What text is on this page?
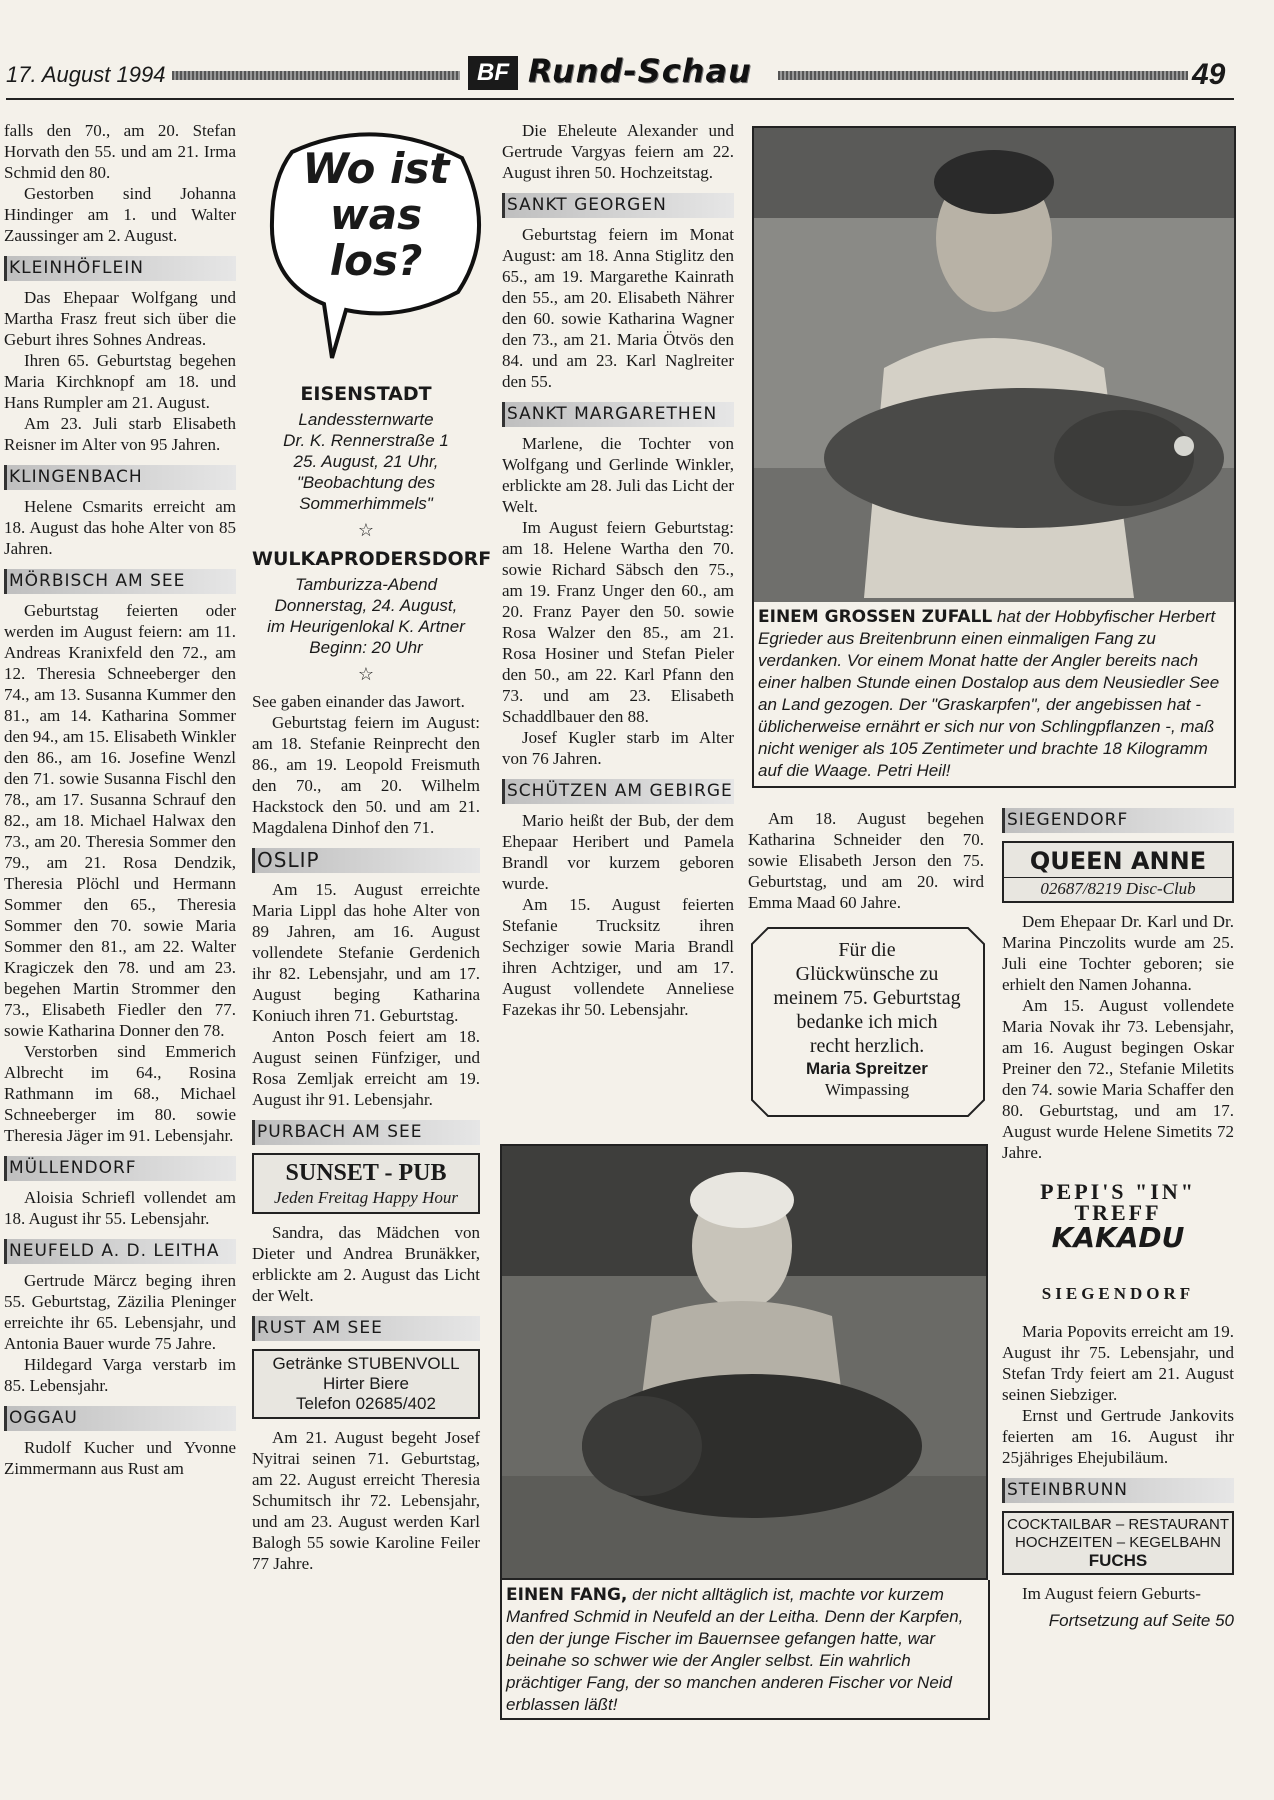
17. August 1994	BF Rund-Schau	49

falls den 70., am 20. Stefan Horvath den 55. und am 21. Irma Schmid den 80.

Gestorben sind Johanna Hindinger am 1. und Walter Zaussinger am 2. August.

KLEINHÖFLEIN

Das Ehepaar Wolfgang und Martha Frasz freut sich über die Geburt ihres Sohnes Andreas.

Ihren 65. Geburtstag begehen Maria Kirchknopf am 18. und Hans Rumpler am 21. August.

Am 23. Juli starb Elisabeth Reisner im Alter von 95 Jahren.

KLINGENBACH

Helene Csmarits erreicht am 18. August das hohe Alter von 85 Jahren.

MÖRBISCH AM SEE

Geburtstag feierten oder werden im August feiern: am 11. Andreas Kranixfeld den 72., am 12. Theresia Schneeberger den 74., am 13. Susanna Kummer den 81., am 14. Katharina Sommer den 94., am 15. Elisabeth Winkler den 86., am 16. Josefine Wenzl den 71. sowie Susanna Fischl den 78., am 17. Susanna Schrauf den 82., am 18. Michael Halwax den 73., am 20. Theresia Sommer den 79., am 21. Rosa Dendzik, Theresia Plöchl und Hermann Sommer den 65., Theresia Sommer den 70. sowie Maria Sommer den 81., am 22. Walter Kragiczek den 78. und am 23. begehen Martin Strommer den 73., Elisabeth Fiedler den 77. sowie Katharina Donner den 78.

Verstorben sind Emmerich Albrecht im 64., Rosina Rathmann im 68., Michael Schneeberger im 80. sowie Theresia Jäger im 91. Lebensjahr.

MÜLLENDORF

Aloisia Schriefl vollendet am 18. August ihr 55. Lebensjahr.

NEUFELD A. D. LEITHA

Gertrude Märcz beging ihren 55. Geburtstag, Zäzilia Pleninger erreichte ihr 65. Lebensjahr, und Antonia Bauer wurde 75 Jahre.

Hildegard Varga verstarb im 85. Lebensjahr.

OGGAU

Rudolf Kucher und Yvonne Zimmermann aus Rust am

Wo ist was los?
EISENSTADT
Landessternwarte
Dr. K. Rennerstraße 1
25. August, 21 Uhr,
"Beobachtung des
Sommerhimmels"
☆
WULKAPRODERSDORF
Tamburizza-Abend
Donnerstag, 24. August,
im Heurigenlokal K. Artner
Beginn: 20 Uhr
☆

See gaben einander das Jawort.

Geburtstag feiern im August: am 18. Stefanie Reinprecht den 86., am 19. Leopold Freismuth den 70., am 20. Wilhelm Hackstock den 50. und am 21. Magdalena Dinhof den 71.

OSLIP

Am 15. August erreichte Maria Lippl das hohe Alter von 89 Jahren, am 16. August vollendete Stefanie Gerdenich ihr 82. Lebensjahr, und am 17. August beging Katharina Koniuch ihren 71. Geburtstag.

Anton Posch feiert am 18. August seinen Fünfziger, und Rosa Zemljak erreicht am 19. August ihr 91. Lebensjahr.

PURBACH AM SEE
SUNSET - PUB
Jeden Freitag Happy Hour

Sandra, das Mädchen von Dieter und Andrea Brunäkker, erblickte am 2. August das Licht der Welt.

RUST AM SEE
Getränke STUBENVOLL
Hirter Biere
Telefon 02685/402

Am 21. August begeht Josef Nyitrai seinen 71. Geburtstag, am 22. August erreicht Theresia Schumitsch ihr 72. Lebensjahr, und am 23. August werden Karl Balogh 55 sowie Karoline Feiler 77 Jahre.

Die Eheleute Alexander und Gertrude Vargyas feiern am 22. August ihren 50. Hochzeitstag.

SANKT GEORGEN

Geburtstag feiern im Monat August: am 18. Anna Stiglitz den 65., am 19. Margarethe Kainrath den 55., am 20. Elisabeth Nährer den 60. sowie Katharina Wagner den 73., am 21. Maria Ötvös den 84. und am 23. Karl Naglreiter den 55.

SANKT MARGARETHEN

Marlene, die Tochter von Wolfgang und Gerlinde Winkler, erblickte am 28. Juli das Licht der Welt.

Im August feiern Geburtstag: am 18. Helene Wartha den 70. sowie Richard Säbsch den 75., am 19. Franz Unger den 60., am 20. Franz Payer den 50. sowie Rosa Walzer den 85., am 21. Rosa Hosiner und Stefan Pieler den 50., am 22. Karl Pfann den 73. und am 23. Elisabeth Schaddlbauer den 88.

Josef Kugler starb im Alter von 76 Jahren.

SCHÜTZEN AM GEBIRGE

Mario heißt der Bub, der dem Ehepaar Heribert und Pamela Brandl vor kurzem geboren wurde.

Am 15. August feierten Stefanie Trucksitz ihren Sechziger sowie Maria Brandl ihren Achtziger, und am 17. August vollendete Anneliese Fazekas ihr 50. Lebensjahr.

EINEM GROSSEN ZUFALL hat der Hobbyfischer Herbert Egrieder aus Breitenbrunn einen einmaligen Fang zu verdanken. Vor einem Monat hatte der Angler bereits nach einer halben Stunde einen Dostalop aus dem Neusiedler See an Land gezogen. Der "Graskarpfen", der angebissen hat - üblicherweise ernährt er sich nur von Schlingpflanzen -, maß nicht weniger als 105 Zentimeter und brachte 18 Kilogramm auf die Waage. Petri Heil!

Am 18. August begehen Katharina Schneider den 70. sowie Elisabeth Jerson den 75. Geburtstag, und am 20. wird Emma Maad 60 Jahre.

Für die
Glückwünsche zu
meinem 75. Geburtstag
bedanke ich mich
recht herzlich.
Maria Spreitzer
Wimpassing
EINEN FANG, der nicht alltäglich ist, machte vor kurzem Manfred Schmid in Neufeld an der Leitha. Denn der Karpfen, den der junge Fischer im Bauernsee gefangen hatte, war beinahe so schwer wie der Angler selbst. Ein wahrlich prächtiger Fang, der so manchen anderen Fischer vor Neid erblassen läßt!
SIEGENDORF
QUEEN ANNE
02687/8219 Disc-Club

Dem Ehepaar Dr. Karl und Dr. Marina Pinczolits wurde am 25. Juli eine Tochter geboren; sie erhielt den Namen Johanna.

Am 15. August vollendete Maria Novak ihr 73. Lebensjahr, am 16. August begingen Oskar Preiner den 72., Stefanie Miletits den 74. sowie Maria Schaffer den 80. Geburtstag, und am 17. August wurde Helene Simetits 72 Jahre.

PEPI'S "IN" TREFF
KAKADU
SIEGENDORF

Maria Popovits erreicht am 19. August ihr 75. Lebensjahr, und Stefan Trdy feiert am 21. August seinen Siebziger.

Ernst und Gertrude Jankovits feierten am 16. August ihr 25jähriges Ehejubiläum.

STEINBRUNN
COCKTAILBAR – RESTAURANT
HOCHZEITEN – KEGELBAHN
FUCHS

Im August feiern Geburts-

Fortsetzung auf Seite 50
